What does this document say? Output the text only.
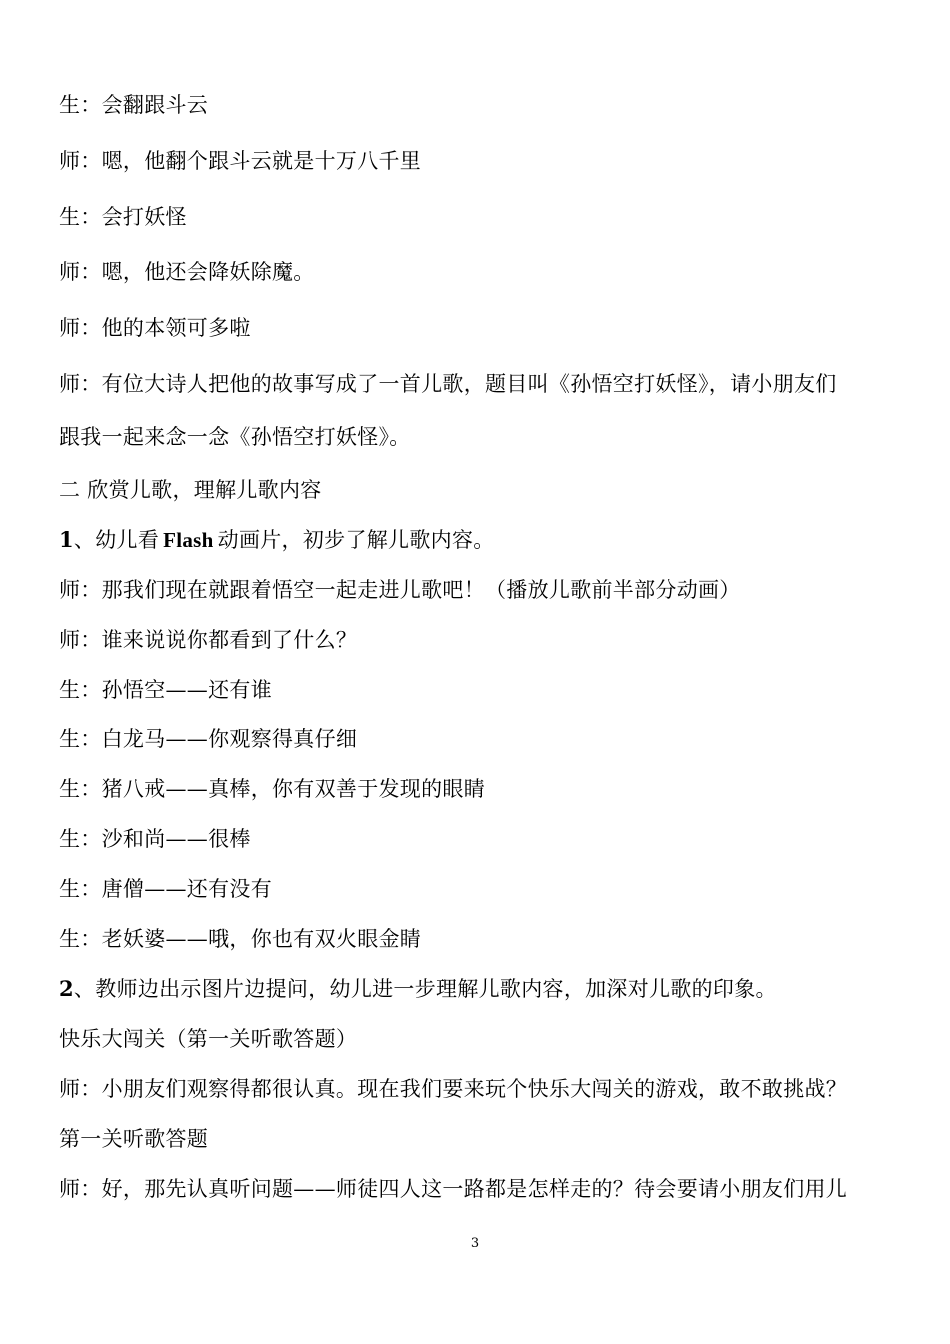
生：会翻跟斗云
师：嗯，他翻个跟斗云就是十万八千里
生：会打妖怪
师：嗯，他还会降妖除魔。
师：他的本领可多啦
师：有位大诗人把他的故事写成了一首儿歌，题目叫《孙悟空打妖怪》，请小朋友们
跟我一起来念一念《孙悟空打妖怪》。
二 欣赏儿歌，理解儿歌内容
1、幼儿看 Flash 动画片，初步了解儿歌内容。
师：那我们现在就跟着悟空一起走进儿歌吧！（播放儿歌前半部分动画）
师：谁来说说你都看到了什么？
生：孙悟空——还有谁
生：白龙马——你观察得真仔细
生：猪八戒——真棒，你有双善于发现的眼睛
生：沙和尚——很棒
生：唐僧——还有没有
生：老妖婆——哦，你也有双火眼金睛
2、教师边出示图片边提问，幼儿进一步理解儿歌内容，加深对儿歌的印象。
快乐大闯关（第一关听歌答题）
师：小朋友们观察得都很认真。现在我们要来玩个快乐大闯关的游戏，敢不敢挑战？
第一关听歌答题
师：好，那先认真听问题——师徒四人这一路都是怎样走的？待会要请小朋友们用儿
3
